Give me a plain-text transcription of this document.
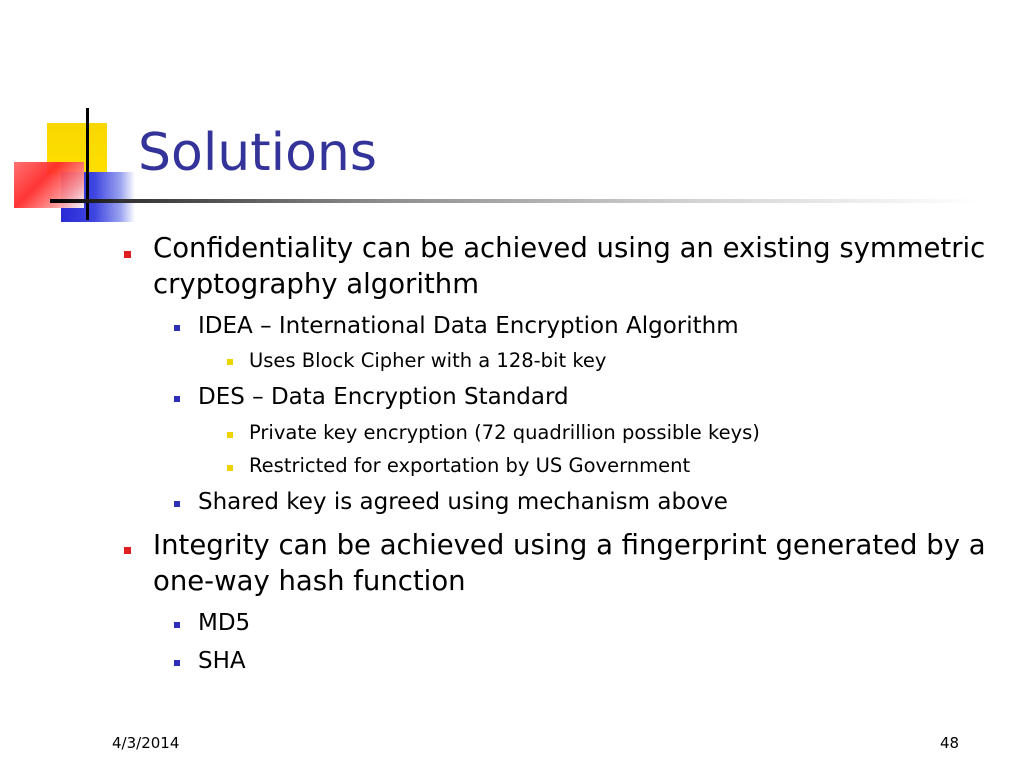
Solutions
Confidentiality can be achieved using an existing symmetric cryptography algorithm
IDEA – International Data Encryption Algorithm
Uses Block Cipher with a 128-bit key
DES – Data Encryption Standard
Private key encryption (72 quadrillion possible keys)
Restricted for exportation by US Government
Shared key is agreed using mechanism above
Integrity can be achieved using a fingerprint generated by a one-way hash function
MD5
SHA
4/3/2014	48
